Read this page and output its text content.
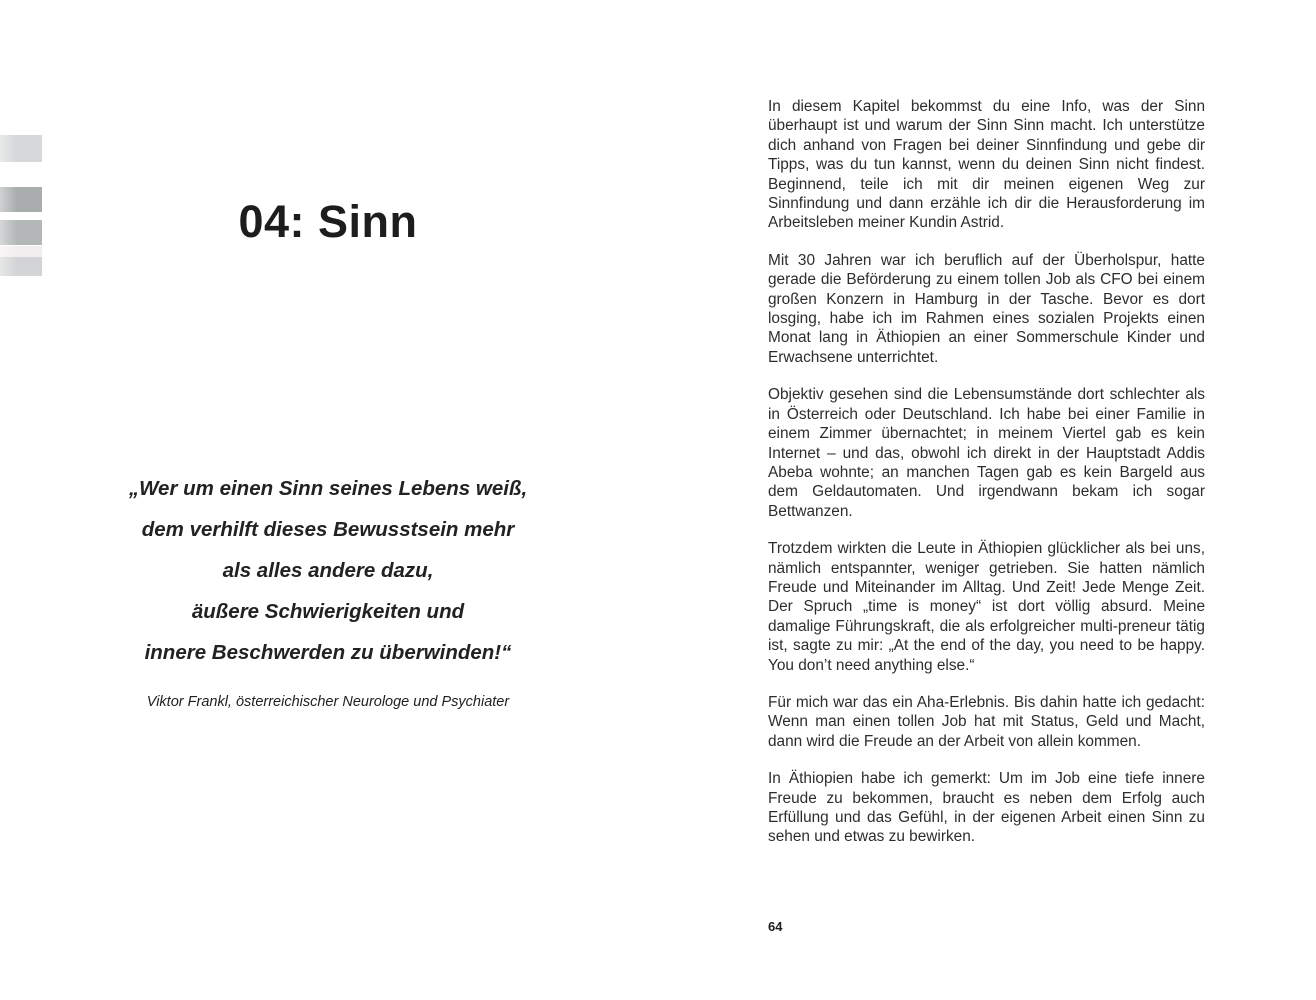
04: Sinn
„Wer um einen Sinn seines Lebens weiß,
dem verhilft dieses Bewusstsein mehr
als alles andere dazu,
äußere Schwierigkeiten und
innere Beschwerden zu überwinden!“
Viktor Frankl, österreichischer Neurologe und Psychiater

In diesem Kapitel bekommst du eine Info, was der Sinn überhaupt ist und warum der Sinn Sinn macht. Ich unterstütze dich anhand von Fragen bei deiner Sinnfindung und gebe dir Tipps, was du tun kannst, wenn du deinen Sinn nicht findest. Beginnend, teile ich mit dir meinen eigenen Weg zur Sinnfindung und dann erzähle ich dir die Herausforderung im Arbeitsleben meiner Kundin Astrid.

Mit 30 Jahren war ich beruflich auf der Überholspur, hatte gerade die Beförderung zu einem tollen Job als CFO bei einem großen Konzern in Hamburg in der Tasche. Bevor es dort losging, habe ich im Rahmen eines sozialen Projekts einen Monat lang in Äthiopien an einer Sommerschule Kinder und Erwachsene unterrichtet.

Objektiv gesehen sind die Lebensumstände dort schlechter als in Österreich oder Deutschland. Ich habe bei einer Familie in einem Zimmer übernachtet; in meinem Viertel gab es kein Internet – und das, obwohl ich direkt in der Hauptstadt Addis Abeba wohnte; an manchen Tagen gab es kein Bargeld aus dem Geldautomaten. Und irgendwann bekam ich sogar Bettwanzen.

Trotzdem wirkten die Leute in Äthiopien glücklicher als bei uns, nämlich entspannter, weniger getrieben. Sie hatten nämlich Freude und Miteinander im Alltag. Und Zeit! Jede Menge Zeit. Der Spruch „time is money“ ist dort völlig absurd. Meine damalige Führungskraft, die als erfolgreicher multi-preneur tätig ist, sagte zu mir: „At the end of the day, you need to be happy. You don’t need anything else.“

Für mich war das ein Aha-Erlebnis. Bis dahin hatte ich gedacht: Wenn man einen tollen Job hat mit Status, Geld und Macht, dann wird die Freude an der Arbeit von allein kommen.

In Äthiopien habe ich gemerkt: Um im Job eine tiefe innere Freude zu bekommen, braucht es neben dem Erfolg auch Erfüllung und das Gefühl, in der eigenen Arbeit einen Sinn zu sehen und etwas zu bewirken.

64
